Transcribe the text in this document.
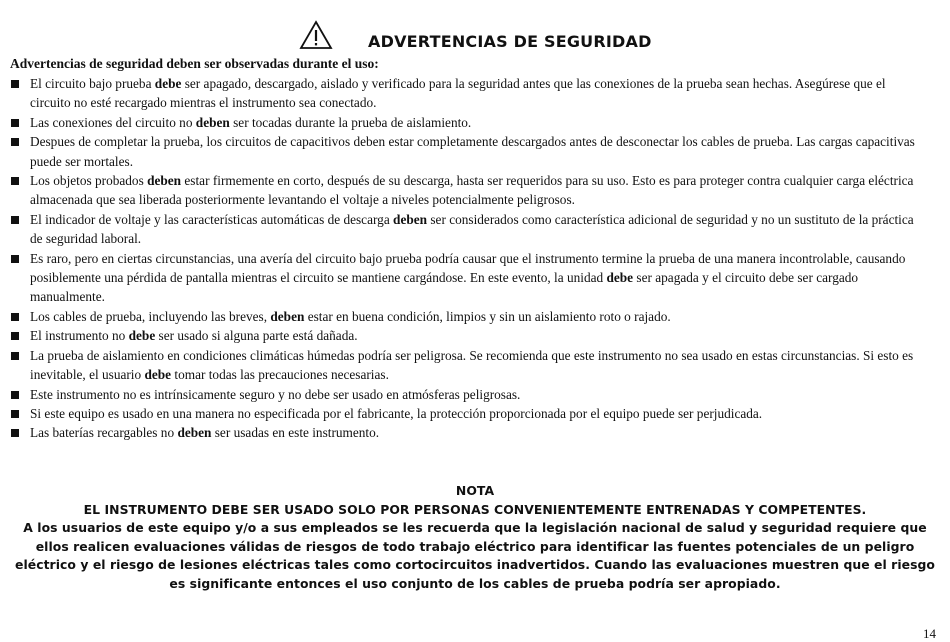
ADVERTENCIAS DE SEGURIDAD
Advertencias de seguridad deben ser observadas durante el uso:
El circuito bajo prueba debe ser apagado, descargado, aislado y verificado para la seguridad antes que las conexiones de la prueba sean hechas. Asegúrese que el circuito no esté recargado mientras el instrumento sea conectado.
Las conexiones del circuito no deben ser tocadas durante la prueba de aislamiento.
Despues de completar la prueba, los circuitos de capacitivos deben estar completamente descargados antes de desconectar los cables de prueba. Las cargas capacitivas puede ser mortales.
Los objetos probados deben estar firmemente en corto, después de su descarga, hasta ser requeridos para su uso. Esto es para proteger contra cualquier carga eléctrica almacenada que sea liberada posteriormente levantando el voltaje a niveles potencialmente peligrosos.
El indicador de voltaje y las características automáticas de descarga deben ser considerados como característica adicional de seguridad y no un sustituto de la práctica de seguridad laboral.
Es raro, pero en ciertas circunstancias, una avería del circuito bajo prueba podría causar que el instrumento termine la prueba de una manera incontrolable, causando posiblemente una pérdida de pantalla mientras el circuito se mantiene cargándose. En este evento, la unidad debe ser apagada y el circuito debe ser cargado manualmente.
Los cables de prueba, incluyendo las breves, deben estar en buena condición, limpios y sin un aislamiento roto o rajado.
El instrumento no debe ser usado si alguna parte está dañada.
La prueba de aislamiento en condiciones climáticas húmedas podría ser peligrosa. Se recomienda que este instrumento no sea usado en estas circunstancias. Si esto es inevitable, el usuario debe tomar todas las precauciones necesarias.
Este instrumento no es intrínsicamente seguro y no debe ser usado en atmósferas peligrosas.
Si este equipo es usado en una manera no especificada por el fabricante, la protección proporcionada por el equipo puede ser perjudicada.
Las baterías recargables no deben ser usadas en este instrumento.
NOTA
EL INSTRUMENTO DEBE SER USADO SOLO POR PERSONAS CONVENIENTEMENTE ENTRENADAS Y COMPETENTES.
A los usuarios de este equipo y/o a sus empleados se les recuerda que la legislación nacional de salud y seguridad requiere que ellos realicen evaluaciones válidas de riesgos de todo trabajo eléctrico para identificar las fuentes potenciales de un peligro eléctrico y el riesgo de lesiones eléctricas tales como cortocircuitos inadvertidos. Cuando las evaluaciones muestren que el riesgo es significante entonces el uso conjunto de los cables de prueba podría ser apropiado.
14
